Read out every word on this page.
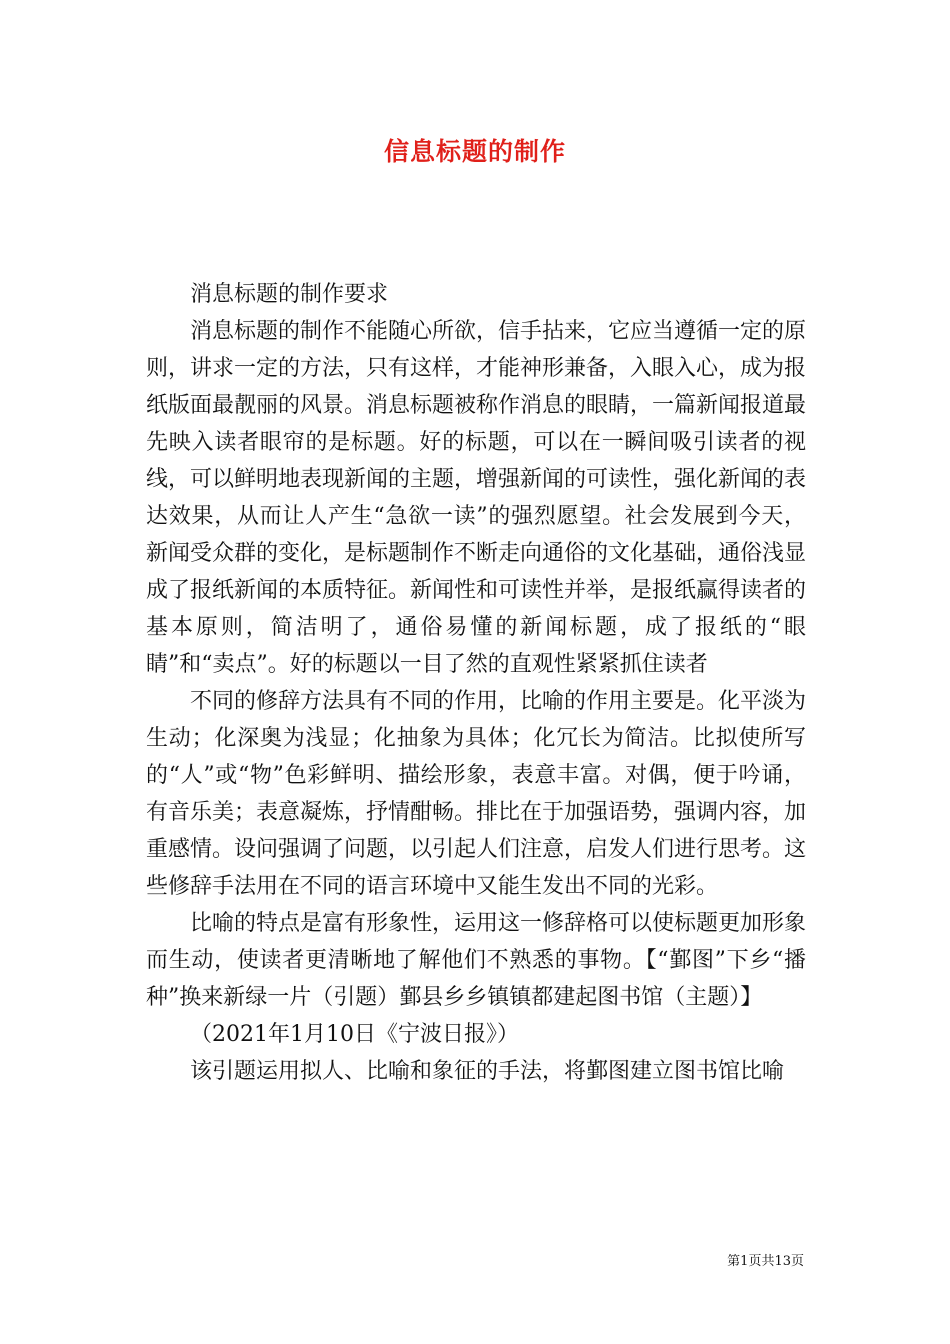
信息标题的制作

消息标题的制作要求

消息标题的制作不能随心所欲，信手拈来，它应当遵循一定的原则，讲求一定的方法，只有这样，才能神形兼备，入眼入心，成为报纸版面最靓丽的风景。消息标题被称作消息的眼睛，一篇新闻报道最先映入读者眼帘的是标题。好的标题，可以在一瞬间吸引读者的视线，可以鲜明地表现新闻的主题，增强新闻的可读性，强化新闻的表达效果，从而让人产生“急欲一读”的强烈愿望。社会发展到今天，新闻受众群的变化，是标题制作不断走向通俗的文化基础，通俗浅显成了报纸新闻的本质特征。新闻性和可读性并举，是报纸赢得读者的基本原则，简洁明了，通俗易懂的新闻标题，成了报纸的“眼睛”和“卖点”。好的标题以一目了然的直观性紧紧抓住读者

不同的修辞方法具有不同的作用，比喻的作用主要是。化平淡为生动；化深奥为浅显；化抽象为具体；化冗长为简洁。比拟使所写的“人”或“物”色彩鲜明、描绘形象，表意丰富。对偶，便于吟诵，有音乐美；表意凝炼，抒情酣畅。排比在于加强语势，强调内容，加重感情。设问强调了问题，以引起人们注意，启发人们进行思考。这些修辞手法用在不同的语言环境中又能生发出不同的光彩。

比喻的特点是富有形象性，运用这一修辞格可以使标题更加形象而生动，使读者更清晰地了解他们不熟悉的事物。【“鄞图”下乡“播种”换来新绿一片（引题）鄞县乡乡镇镇都建起图书馆（主题）】

（2021年1月10日《宁波日报》）

该引题运用拟人、比喻和象征的手法，将鄞图建立图书馆比喻

第1页共13页
